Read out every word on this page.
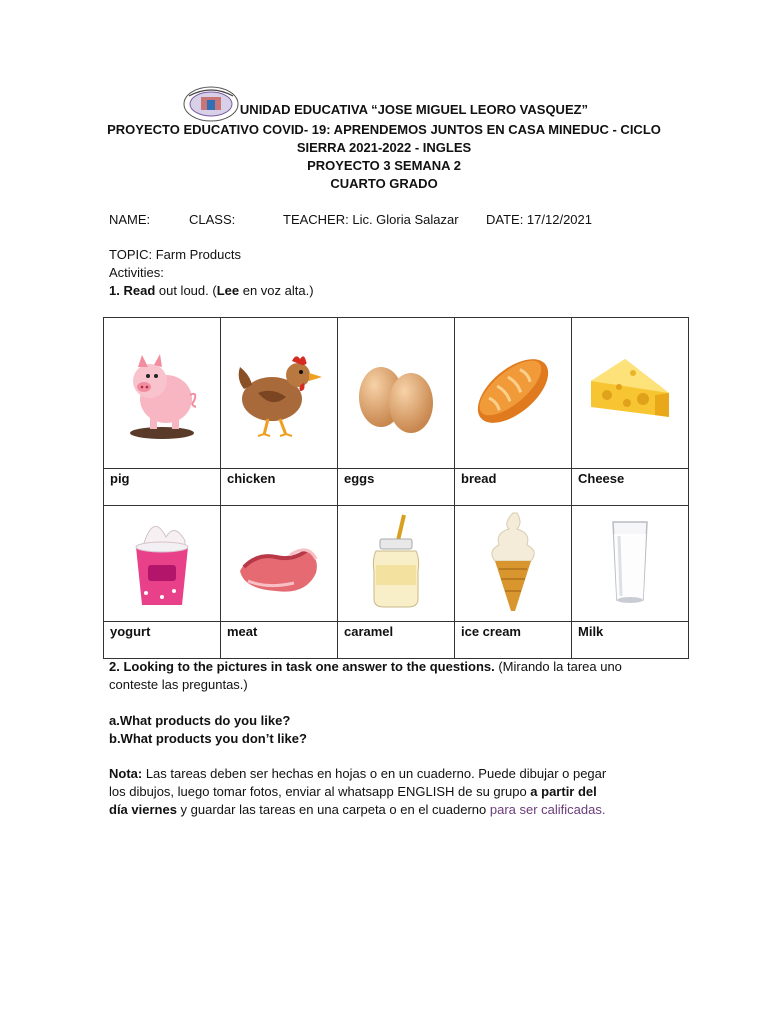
UNIDAD EDUCATIVA “JOSE MIGUEL LEORO VASQUEZ”
PROYECTO EDUCATIVO COVID- 19: APRENDEMOS JUNTOS EN CASA MINEDUC - CICLO
SIERRA 2021-2022 - INGLES
PROYECTO 3 SEMANA 2
CUARTO GRADO
NAME:	CLASS:	TEACHER: Lic. Gloria Salazar DATE: 17/12/2021
TOPIC: Farm Products
Activities:
1. Read out loud. (Lee en voz alta.)

pig	chicken	eggs	bread	Cheese

yogurt	meat	caramel	ice cream	Milk
2. Looking to the pictures in task one answer to the questions. (Mirando la tarea uno
conteste las preguntas.)
a.What products do you like?
b.What products you don’t like?
Nota: Las tareas deben ser hechas en hojas o en un cuaderno. Puede dibujar o pegar
los dibujos, luego tomar fotos, enviar al whatsapp ENGLISH de su grupo a partir del
día viernes y guardar las tareas en una carpeta o en el cuaderno para ser calificadas.
